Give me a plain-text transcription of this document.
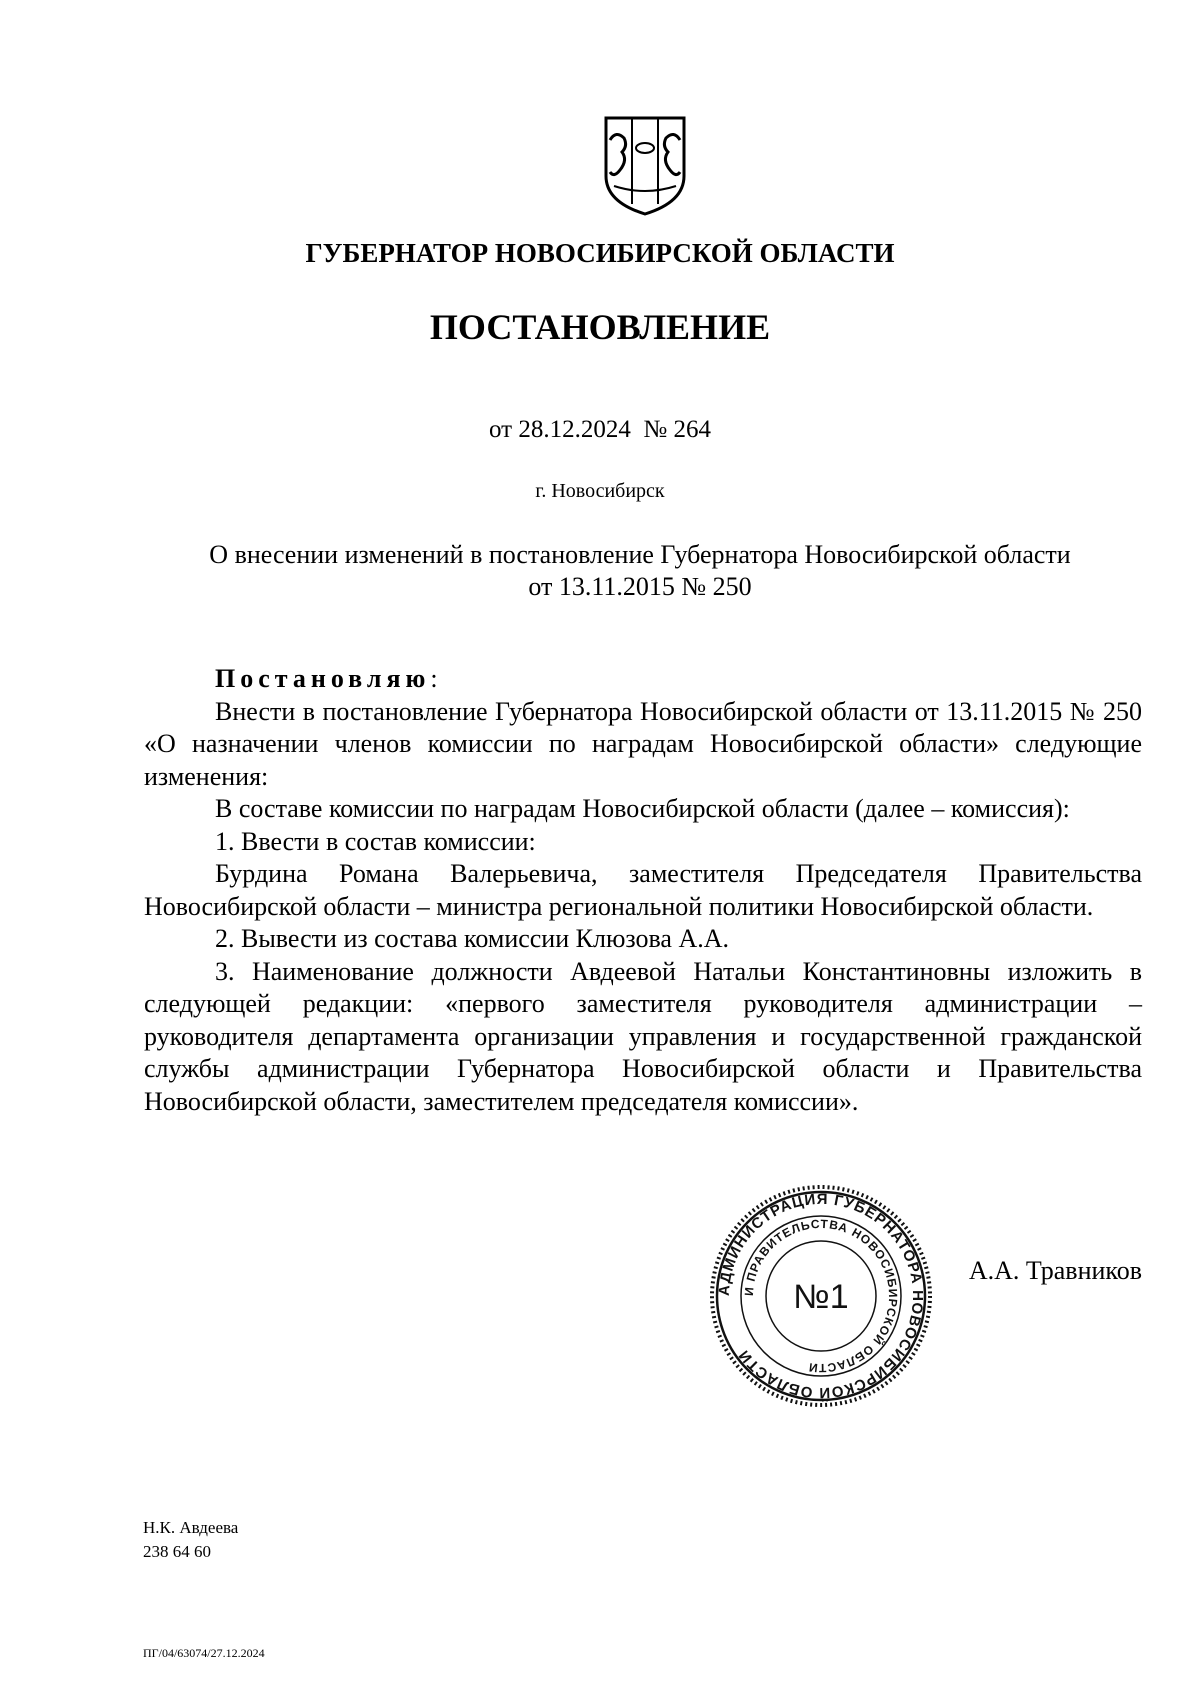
ГУБЕРНАТОР НОВОСИБИРСКОЙ ОБЛАСТИ
ПОСТАНОВЛЕНИЕ
от 28.12.2024  № 264
г. Новосибирск
О внесении изменений в постановление Губернатора Новосибирской области
от 13.11.2015 № 250

Постановляю:

Внести в постановление Губернатора Новосибирской области от 13.11.2015 № 250 «О назначении членов комиссии по наградам Новосибирской области» следующие изменения:

В составе комиссии по наградам Новосибирской области (далее – комиссия):

1. Ввести в состав комиссии:

Бурдина Романа Валерьевича, заместителя Председателя Правительства Новосибирской области – министра региональной политики Новосибирской области.

2. Вывести из состава комиссии Клюзова А.А.

3. Наименование должности Авдеевой Натальи Константиновны изложить в следующей редакции: «первого заместителя руководителя администрации – руководителя департамента организации управления и государственной гражданской службы администрации Губернатора Новосибирской области и Правительства Новосибирской области, заместителем председателя комиссии».

АДМИНИСТРАЦИЯ ГУБЕРНАТОРА НОВОСИБИРСКОЙ ОБЛАСТИ
И ПРАВИТЕЛЬСТВА НОВОСИБИРСКОЙ ОБЛАСТИ
№1
А.А. Травников
Н.К. Авдеева
238 64 60
ПГ/04/63074/27.12.2024
